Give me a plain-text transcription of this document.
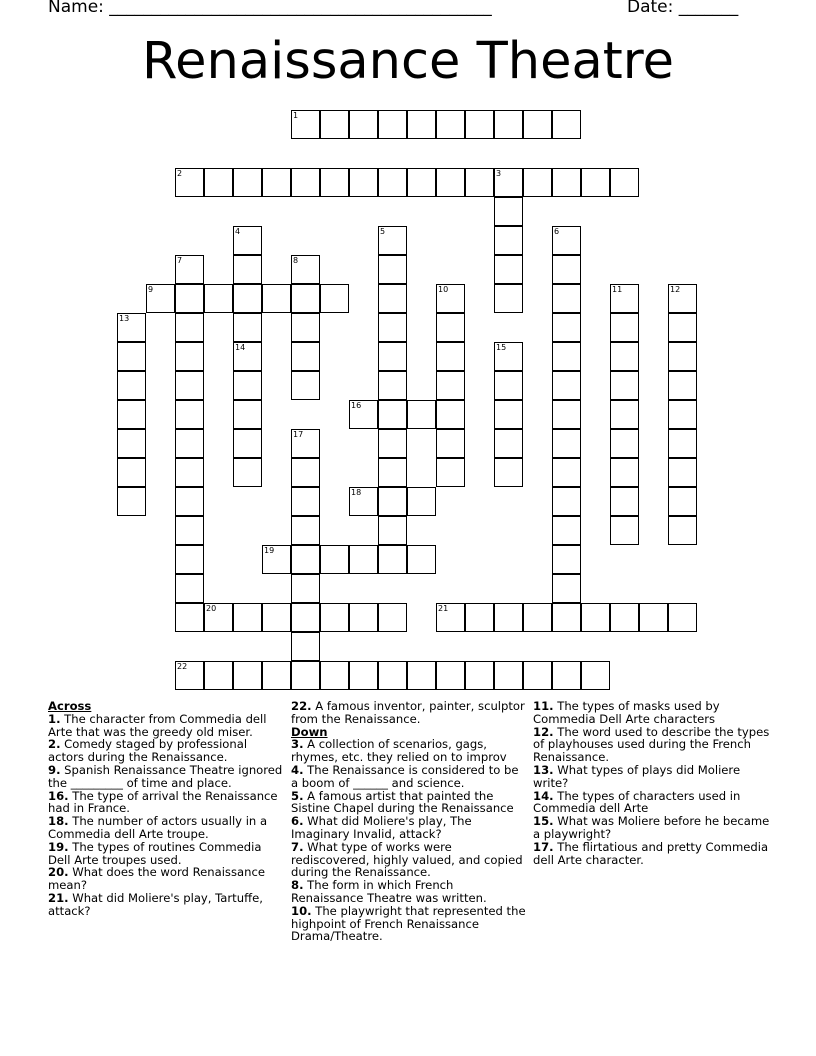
Name: _____________________________________________	Date: _______
Renaissance Theatre
1
2	3
4
14
5	6
7	8
9	10	11	12
13
15
16
17
18
19
20	21
22
Across
1. The character from Commedia dell Arte that was the greedy old miser.
2. Comedy staged by professional actors during the Renaissance.
9. Spanish Renaissance Theatre ignored the _________ of time and place.
16. The type of arrival the Renaissance had in France.
18. The number of actors usually in a Commedia dell Arte troupe.
19. The types of routines Commedia Dell Arte troupes used.
20. What does the word Renaissance mean?
21. What did Moliere's play, Tartuffe, attack?
22. A famous inventor, painter, sculptor from the Renaissance.
Down
3. A collection of scenarios, gags, rhymes, etc. they relied on to improv
4. The Renaissance is considered to be a boom of ______ and science.
5. A famous artist that painted the Sistine Chapel during the Renaissance
6. What did Moliere's play, The Imaginary Invalid, attack?
7. What type of works were rediscovered, highly valued, and copied during the Renaissance.
8. The form in which French Renaissance Theatre was written.
10. The playwright that represented the highpoint of French Renaissance Drama/Theatre.
11. The types of masks used by Commedia Dell Arte characters
12. The word used to describe the types of playhouses used during the French Renaissance.
13. What types of plays did Moliere write?
14. The types of characters used in Commedia dell Arte
15. What was Moliere before he became a playwright?
17. The flirtatious and pretty Commedia dell Arte character.
